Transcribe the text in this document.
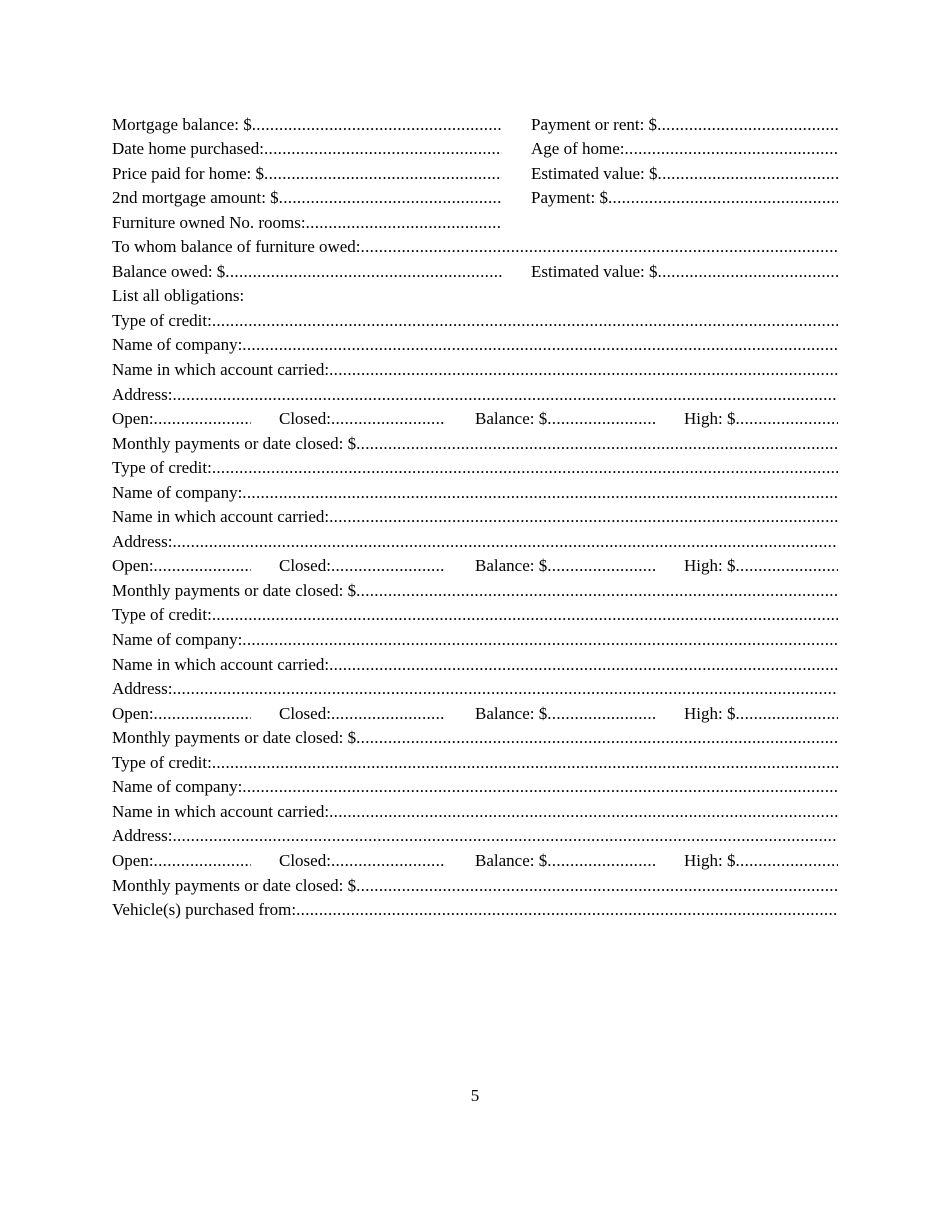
Mortgage balance: $ .....	Payment or rent: $
.....
Date home purchased: .....	Age of home:
.....
Price paid for home: $ .....	Estimated value: $
.....
2nd mortgage amount: $ .....	Payment: $
.....
Furniture owned No. rooms:
.....
To whom balance of furniture owed:
.....
Balance owed: $ .....	Estimated value: $
.....
List all obligations:
Type of credit:
.....
Name of company:
.....
Name in which account carried:
.....
Address:
.....
Open: .....	Closed: .....	Balance: $ .....	High: $
.....
Monthly payments or date closed: $
.....
Type of credit:
.....
Name of company:
.....
Name in which account carried:
.....
Address:
.....
Open: .....	Closed: .....	Balance: $ .....	High: $
.....
Monthly payments or date closed: $
.....
Type of credit:
.....
Name of company:
.....
Name in which account carried:
.....
Address:
.....
Open: .....	Closed: .....	Balance: $ .....	High: $
.....
Monthly payments or date closed: $
.....
Type of credit:
.....
Name of company:
.....
Name in which account carried:
.....
Address:
.....
Open: .....	Closed: .....	Balance: $ .....	High: $
.....
Monthly payments or date closed: $
.....
Vehicle(s) purchased from:
.....
5
